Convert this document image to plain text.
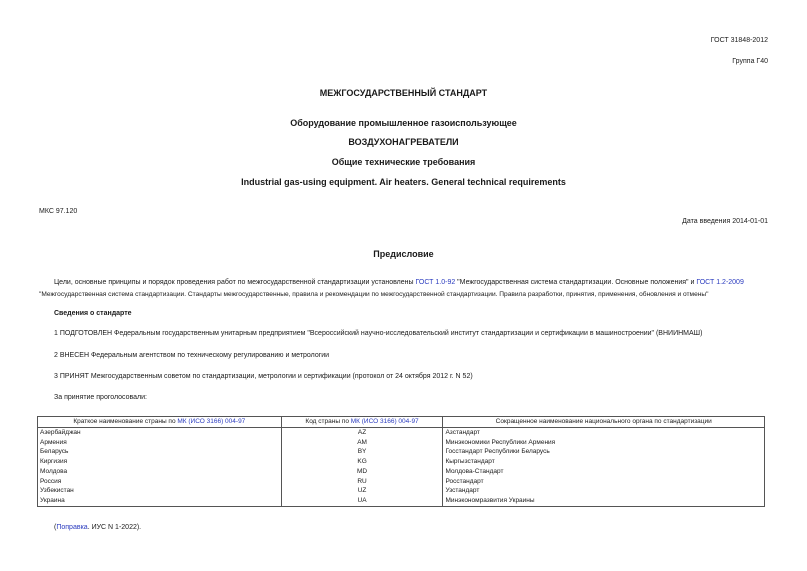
ГОСТ 31848-2012
Группа Г40
МЕЖГОСУДАРСТВЕННЫЙ СТАНДАРТ
Оборудование промышленное газоиспользующее
ВОЗДУХОНАГРЕВАТЕЛИ
Общие технические требования
Industrial gas-using equipment. Air heaters. General technical requirements
МКС 97.120
Дата введения 2014-01-01
Предисловие
Цели, основные принципы и порядок проведения работ по межгосударственной стандартизации установлены ГОСТ 1.0-92 "Межгосударственная система стандартизации. Основные положения" и ГОСТ 1.2-2009
"Межгосударственная система стандартизации. Стандарты межгосударственные, правила и рекомендации по межгосударственной стандартизации. Правила разработки, принятия, применения, обновления и отмены"
Сведения о стандарте
1 ПОДГОТОВЛЕН Федеральным государственным унитарным предприятием "Всероссийский научно-исследовательский институт стандартизации и сертификации в машиностроении" (ВНИИНМАШ)
2 ВНЕСЕН Федеральным агентством по техническому регулированию и метрологии
3 ПРИНЯТ Межгосударственным советом по стандартизации, метрологии и сертификации (протокол от 24 октября 2012 г. N 52)
За принятие проголосовали:
Краткое наименование страны по МК (ИСО 3166) 004-97	Код страны по МК (ИСО 3166) 004-97	Сокращенное наименование национального органа по стандартизации
Азербайджан	AZ	Азстандарт
Армения	AM	Минэкономики Республики Армения
Беларусь	BY	Госстандарт Республики Беларусь
Киргизия	KG	Кыргызстандарт
Молдова	MD	Молдова-Стандарт
Россия	RU	Росстандарт
Узбекистан	UZ	Узстандарт
Украина	UA	Минэкономразвития Украины
(Поправка. ИУС N 1-2022).
